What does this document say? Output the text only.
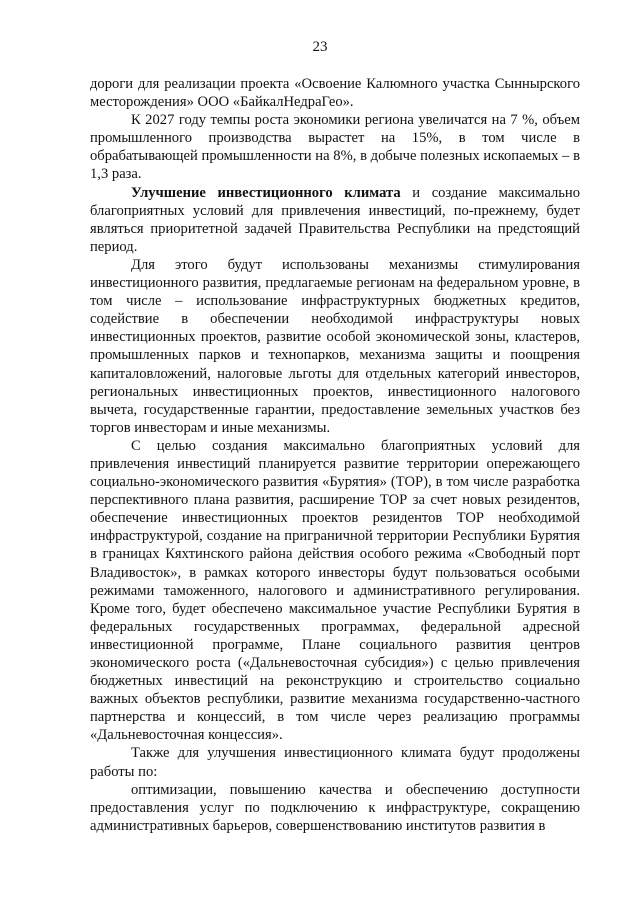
23

дороги для реализации проекта «Освоение Калюмного участка Сыннырского месторождения» ООО «БайкалНедраГео».

К 2027 году темпы роста экономики региона увеличатся на 7 %, объем промышленного производства вырастет на 15%, в том числе в обрабатывающей промышленности на 8%, в добыче полезных ископаемых – в 1,3 раза.

Улучшение инвестиционного климата и создание максимально благоприятных условий для привлечения инвестиций, по-прежнему, будет являться приоритетной задачей Правительства Республики на предстоящий период.

Для этого будут использованы механизмы стимулирования инвестиционного развития, предлагаемые регионам на федеральном уровне, в том числе – использование инфраструктурных бюджетных кредитов, содействие в обеспечении необходимой инфраструктуры новых инвестиционных проектов, развитие особой экономической зоны, кластеров, промышленных парков и технопарков, механизма защиты и поощрения капиталовложений, налоговые льготы для отдельных категорий инвесторов, региональных инвестиционных проектов, инвестиционного налогового вычета, государственные гарантии, предоставление земельных участков без торгов инвесторам и иные механизмы.

С целью создания максимально благоприятных условий для привлечения инвестиций планируется развитие территории опережающего социально-экономического развития «Бурятия» (ТОР), в том числе разработка перспективного плана развития, расширение ТОР за счет новых резидентов, обеспечение инвестиционных проектов резидентов ТОР необходимой инфраструктурой, создание на приграничной территории Республики Бурятия в границах Кяхтинского района действия особого режима «Свободный порт Владивосток», в рамках которого инвесторы будут пользоваться особыми режимами таможенного, налогового и административного регулирования. Кроме того, будет обеспечено максимальное участие Республики Бурятия в федеральных государственных программах, федеральной адресной инвестиционной программе, Плане социального развития центров экономического роста («Дальневосточная субсидия») с целью привлечения бюджетных инвестиций на реконструкцию и строительство социально важных объектов республики, развитие механизма государственно-частного партнерства и концессий, в том числе через реализацию программы «Дальневосточная концессия».

Также для улучшения инвестиционного климата будут продолжены работы по:

оптимизации, повышению качества и обеспечению доступности предоставления услуг по подключению к инфраструктуре, сокращению административных барьеров, совершенствованию институтов развития в
